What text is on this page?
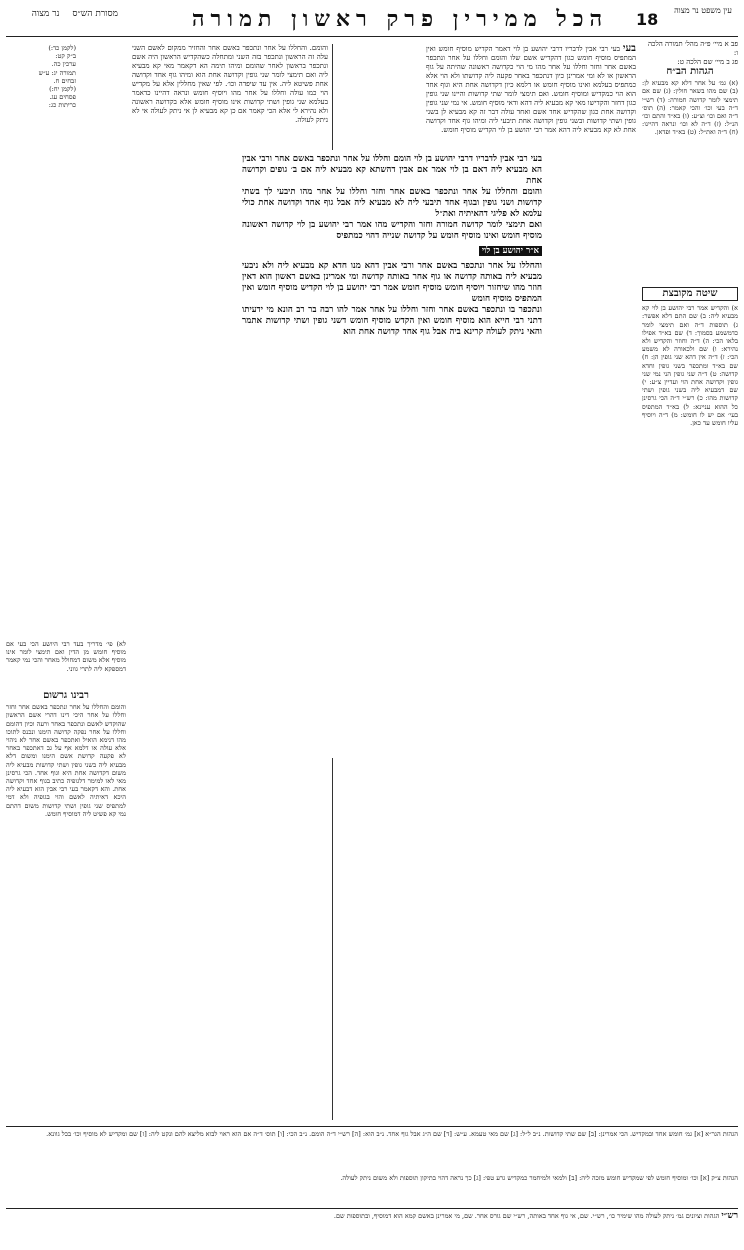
מסורת הש״ס נר מצוה	הכל ממירין פרק ראשון תמורה 18	עין משפט נר מצוה

פב א מיי׳ פ״ה מהל׳ תמורה הלכה ו:

פג ב מיי׳ שם הלכה ט:

הגהות הב״ח

(א) גמ׳ על אחר דלא קא מבעיא לן: (ב) שם מהו בשאר חולין: (ג) שם אם תימצי לומר קדושה חמורה: (ד) רש״י ד״ה בעי וכו׳ והכי קאמר: (ה) תוס׳ ד״ה ואם וכו׳ וצ״ע: (ו) בא״ד והתם וכו׳ הנ״ל: (ז) ד״ה לא וכו׳ ונראה דהיינו: (ח) ד״ה ואת״ל: (ט) בא״ד ופדאן.

שיטה מקובצת

א) והקדיש אמר רבי יהושע בן לוי קא מבעיא ליה: ב) שם התם דלא אפשר: ג) תוספות ד״ה ואם תימצי לומר כדמשמע בסמוך: ד) שם בא״ד אפילו בלאו הכי: ה) ד״ה וחוזר והקדיש ולא נהירא: ו) שם ולכאורה לא משמע הכי: ז) ד״ה אין דהא שני גופין הן: ח) שם בא״ד ומתכפר בשני גופין וחדא קדושה: ט) ד״ה שני גופין הני נמי שני גופין וקדושה אחת הוי ועדיין צ״ע: י) שם דמבעיא ליה בשני גופין ושתי קדושות מהו: כ) רש״י ד״ה הכי גרסינן כל ההוא עניינא: ל) בא״ד המתפיס בעי׳ אם יש לו חומש: מ) ד״ה ויוסיף עליו חומש עד כאן.

(לקמן כד:)

ב״ק קט:

ערכין כה.

תמורה יג: ע״ש

זבחים ח.

(לקמן יח:)

פסחים עג.

כריתות כג:

לא) פי׳ מדריך בעד רבי היושע הכי בעי אם מוסיף חומש מן הדין ואם תימצי לומר אינו מוסיף אלא משום דמחולל מאחר והכי נמי קאמר דמספקא ליה לתרי גווני.

רבינו גרשום

והומם והחללו על אחר ונתכפר באשם אחר וחזר וחללו על אחר היכי דינו דהרי אשם הראשון שהוקדש לאשם ונתכפר באחר ורעה וכיון דהומם וחללו על אחר נפקה קדושה הימנו ונכנס לתוכו מהו דנימא הואיל ואתכפר באשם אחר לא ניהוי אלא עולה או דלמא אף על גב דאתכפר באחר לא פקעה קדושת אשם הימנו ומשום דלא מבעיא ליה בשני גופין ושתי קדושות מבעיא ליה משום דקדושה אחת היא וגוף אחד. הכי גרסינן מאי לאו למימר דלגופיה כתיב בגוף אחד וקדושה אחת. והא דקאמר בעי רבי אבין הוא דבעיא ליה היכא דאיתיה לאשם והוי בגופיה ולא דמי למתפיס שני גופין ושתי קדושות משום דהתם נמי קא פשיט ליה דמוסיף חומש.

בעי בעי רבי אבין לדבריו דרבי יהושע בן לוי דאמר הקדיש מוסיף חומש ואין המתפיס מוסיף חומש כגון דהקדיש אשם שלו והומם וחללו על אחר ונתכפר באשם אחר וחזר וחללו על אחר מהו מי הוי כקדושה ראשונה שהיתה על גוף הראשון או לא ומי אמרינן כיון דנתכפר באחר פקעה ליה קדושתו ולא הוי אלא כמתפיס בעלמא ואינו מוסיף חומש או דלמא כיון דקדושה אחת היא וגוף אחד הוא הוי כמקדיש ומוסיף חומש. ואם תימצי לומר שתי קדושות והיינו שני גופין כגון דחזר והקדישו מאי קא מבעיא ליה דהא ודאי מוסיף חומש. אי נמי שני גופין וקדושה אחת כגון שהקדיש אחד אשם ואחד עולה דבר זה קא מבעיא לן בשני גופין ושתי קדושות ובשני גופין וקדושה אחת תיבעי ליה ומיהו גוף אחד וקדושה אחת לא קא מבעיא ליה דהא אמר רבי יהושע בן לוי הקדיש מוסיף חומש.

והומם. והחללו על אחר ונתכפר באשם אחר והחזיר ממקום לאשם השני עלה זה הראשון ונתכפר בזה השני ומתחלה כשהקדיש הראשון היה אשם ונתכפר בראשון לאחר שהומם ומיהו תימה הא דקאמר מאי קא מבעיא ליה ואם תימצי לומר שני גופין וקדושה אחת הוא ומיהו גוף אחד וקדושה אחת פשיטא ליה. אין עד שיפדה וכו׳. לפי שאין מחללין אלא על מקדיש הוי כמו עולה וחללו על אחר מהו ויוסיף חומש ונראה דהיינו כדאמר בעלמא שני גופין ושתי קדושות אינו מוסיף חומש אלא בקדושה ראשונה ולא נהירא לי אלא הכי קאמר אם כן קא מבעיא לן אי ניתק לעולה אי לא ניתק לעולה.

בעי רבי אבין לדבריו דרבי יהושע בן לוי הומם וחללו על אחר ונתכפר באשם אחר ורבי אבין הא מבעיא ליה דאם בן לוי אמר אם אבין דהשתא קא מבעיא ליה אם ב׳ גופים וקדושה אחת

והומם והחללו על אחר ונתכפר באשם אחר וחזר וחללו על אחר מהו תיבעי לך בשתי קדושות ושני גופין ובגוף אחד תיבעי ליה לא מבעיא ליה אבל גוף אחד וקדושה אחת כולי עלמא לא פליגי דהאיתיה ואת״ל

ואם תימצי לומר קדושה חמורה וחזר והקדיש מהו אמר רבי יהושע בן לוי קדושה ראשונה מוסיף חומש ואינו מוסיף חומש על קדושה שנייה דהוי כמתפיס

א״ר יהושע בן לוי

והחללו על אחר ונתכפר באשם אחר ורבי אבין דהא מנו חדא קא מבעיא ליה ולא ניבעי מבעיא ליה באותה קדושה או גוף אחר באותה קדושה ומי אמרינן באשם ראשון הוא דאין חוזר מהו שיחזור ויוסיף חומש מוסיף חומש אמר רבי יהושע בן לוי הקדיש מוסיף חומש ואין המתפיס מוסיף חומש

ונתכפר בו ונתכפר באשם אחר וחזר וחללו על אחר אמר להו רבה בר רב הונא מי ידעיתו דתני רבי חייא הוא מוסיף חומש ואין הקדש מוסיף חומש דשני גופין ושתי קדושות אתמר והאי ניתק לעולה קרינא ביה אבל גוף אחד קדושה אחת הוא

הגהות הגר״א [א] גמ׳ חומש אחד ובמקדיש. הכי אמרינן: [ב] שם שתי קדושות. נ״ב ל״ל: [ג] שם מאי טעמא. ע״ש: [ד] שם ה״ג אבל גוף אחד. נ״ב הוא: [ה] רש״י ד״ה הומם. נ״ב הכי: [ו] תוס׳ ד״ה אם הוא ראוי לבוא מליצא להם ונקט ליה: [ז] שם ומקדיש לא מוסיף וכו׳ בכל גוונא.
הגהות צ״ק [א] וכו׳ ומוסיף חומש לפי שמקדיש חומש מזכה ליה: [ב] ולמאי ולמיחמר כמקדיש גרע טפי: [ג] כך נראה דהוי בתיקון תוספות ולא משום ניתק לעולה.
רש״י הגהות וציונים גמ׳ ניתק לעולה מהו שימיר כו׳, רש״י. שם, אי גוף אחד באותה, רש״י שם גורס אחר. שם, מי אמרינן באשם קמא הוא דמוסיף, ובתוספות שם.
